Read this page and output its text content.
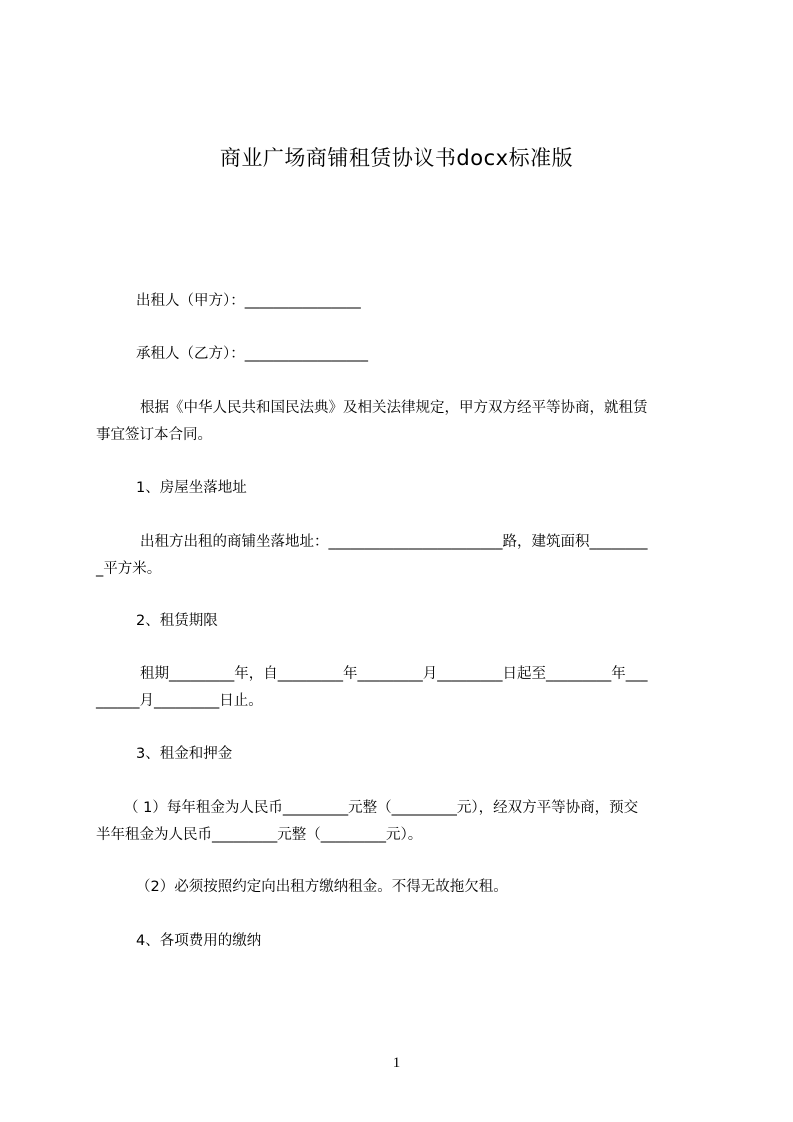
商业广场商铺租赁协议书docx标准版

出租人（甲方）：________________

承租人（乙方）：_________________

根据《中华人民共和国民法典》及相关法律规定，甲方双方经平等协商，就租赁

事宜签订本合同。

1、房屋坐落地址

出租方出租的商铺坐落地址：________________________路，建筑面积________

_平方米。

2、租赁期限

租期_________年，自_________年_________月_________日起至_________年___

______月_________日止。

3、租金和押金

（ 1）每年租金为人民币_________元整（_________元），经双方平等协商，预交

半年租金为人民币_________元整（_________元）。

（2）必须按照约定向出租方缴纳租金。不得无故拖欠租。

4、各项费用的缴纳

1
